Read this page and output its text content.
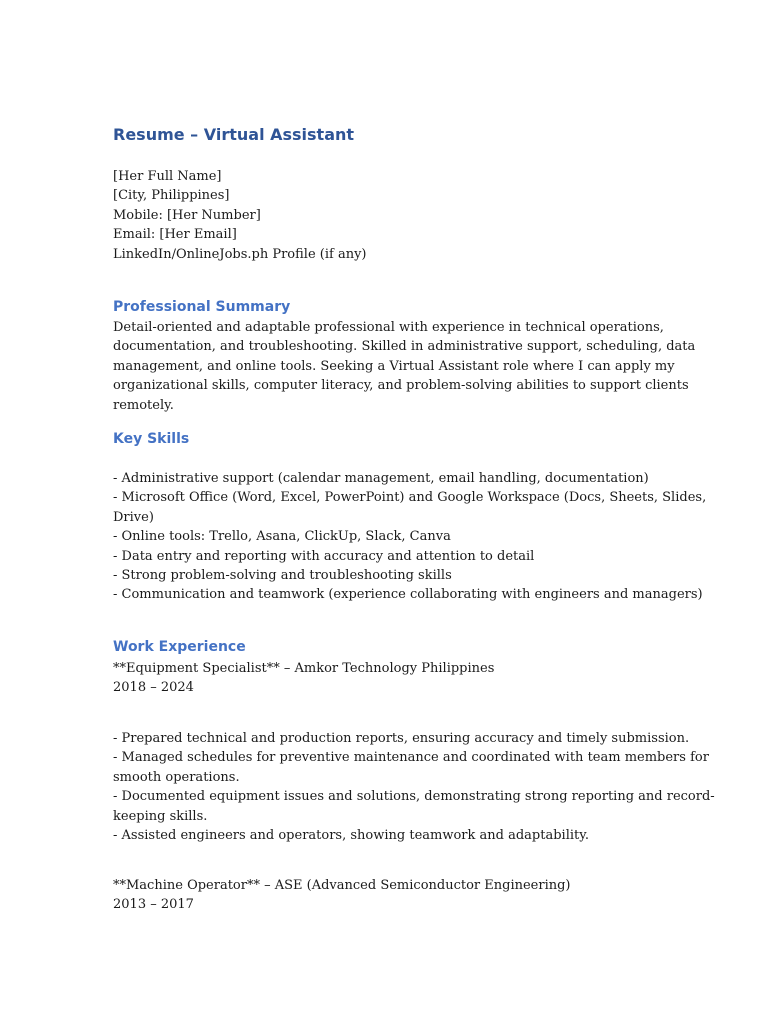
Resume – Virtual Assistant
[Her Full Name]
[City, Philippines]
Mobile: [Her Number]
Email: [Her Email]
LinkedIn/OnlineJobs.ph Profile (if any)
Professional Summary
Detail-oriented and adaptable professional with experience in technical operations,
documentation, and troubleshooting. Skilled in administrative support, scheduling, data
management, and online tools. Seeking a Virtual Assistant role where I can apply my
organizational skills, computer literacy, and problem-solving abilities to support clients
remotely.
Key Skills
- Administrative support (calendar management, email handling, documentation)
- Microsoft Office (Word, Excel, PowerPoint) and Google Workspace (Docs, Sheets, Slides,
Drive)
- Online tools: Trello, Asana, ClickUp, Slack, Canva
- Data entry and reporting with accuracy and attention to detail
- Strong problem-solving and troubleshooting skills
- Communication and teamwork (experience collaborating with engineers and managers)
Work Experience
**Equipment Specialist** – Amkor Technology Philippines
2018 – 2024
- Prepared technical and production reports, ensuring accuracy and timely submission.
- Managed schedules for preventive maintenance and coordinated with team members for
smooth operations.
- Documented equipment issues and solutions, demonstrating strong reporting and record-
keeping skills.
- Assisted engineers and operators, showing teamwork and adaptability.
**Machine Operator** – ASE (Advanced Semiconductor Engineering)
2013 – 2017
